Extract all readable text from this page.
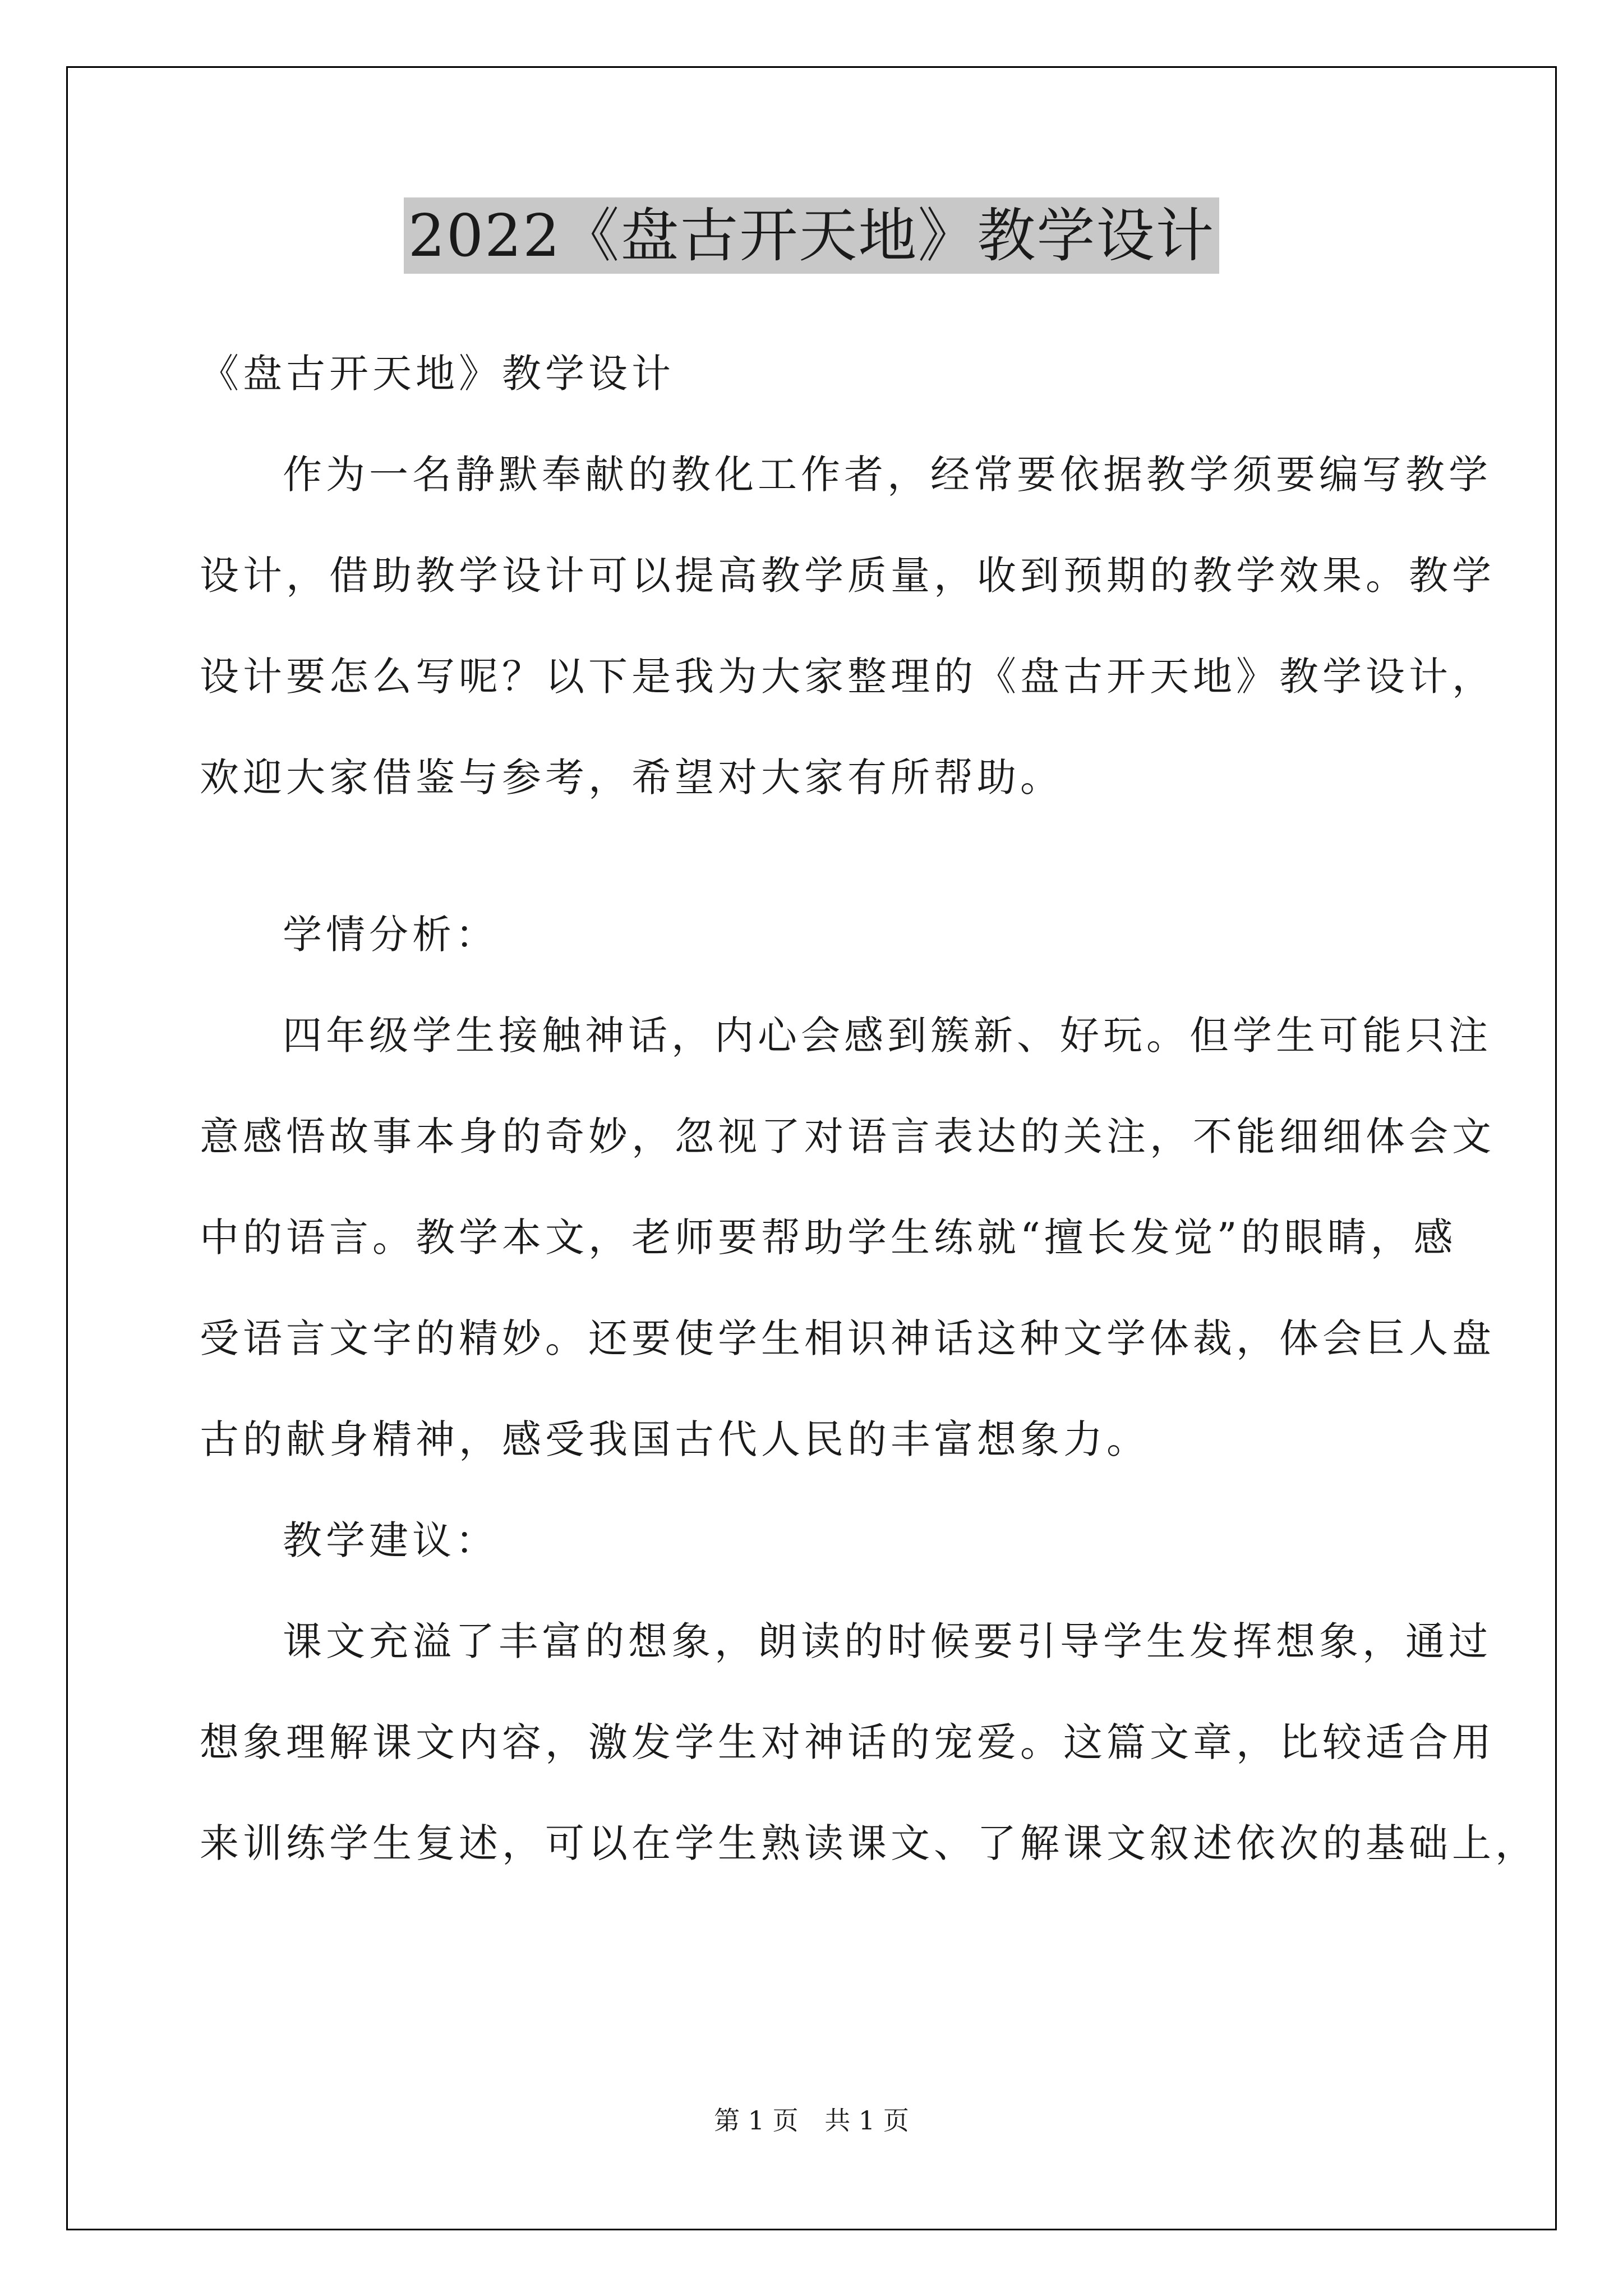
2022《盘古开天地》教学设计
《盘古开天地》教学设计
作为一名静默奉献的教化工作者，经常要依据教学须要编写教学
设计，借助教学设计可以提高教学质量，收到预期的教学效果。教学
设计要怎么写呢？以下是我为大家整理的《盘古开天地》教学设计，
欢迎大家借鉴与参考，希望对大家有所帮助。
学情分析：
四年级学生接触神话，内心会感到簇新、好玩。但学生可能只注
意感悟故事本身的奇妙，忽视了对语言表达的关注，不能细细体会文
中的语言。教学本文，老师要帮助学生练就“擅长发觉”的眼睛，感
受语言文字的精妙。还要使学生相识神话这种文学体裁，体会巨人盘
古的献身精神，感受我国古代人民的丰富想象力。
教学建议：
课文充溢了丰富的想象，朗读的时候要引导学生发挥想象，通过
想象理解课文内容，激发学生对神话的宠爱。这篇文章，比较适合用
来训练学生复述，可以在学生熟读课文、了解课文叙述依次的基础上，
第 1 页 共 1 页
